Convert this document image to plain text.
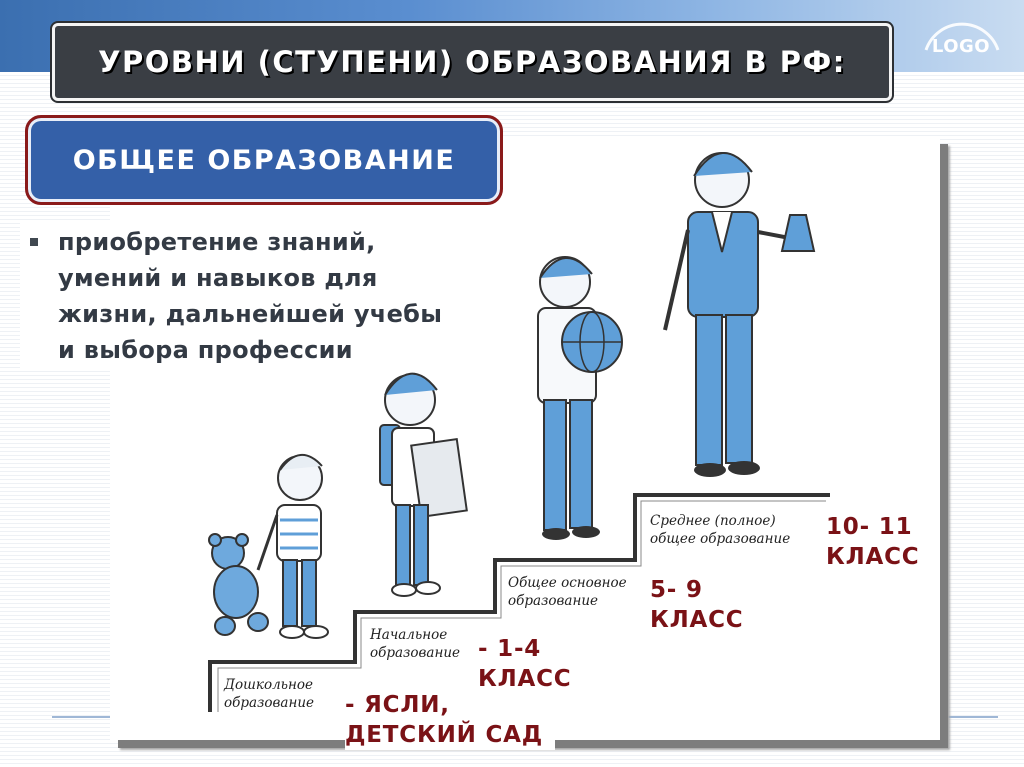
LOGO
Дошкольное
образование
Начальное
образование
Общее основное
образование
Среднее (полное)
общее образование
- ЯСЛИ,
ДЕТСКИЙ САД
- 1-4
КЛАСС
5- 9
КЛАСС
10- 11
КЛАСС
УРОВНИ (СТУПЕНИ) ОБРАЗОВАНИЯ В РФ:
ОБЩЕЕ ОБРАЗОВАНИЕ
приобретение знаний,
умений и навыков для
жизни, дальнейшей учебы
и выбора профессии
